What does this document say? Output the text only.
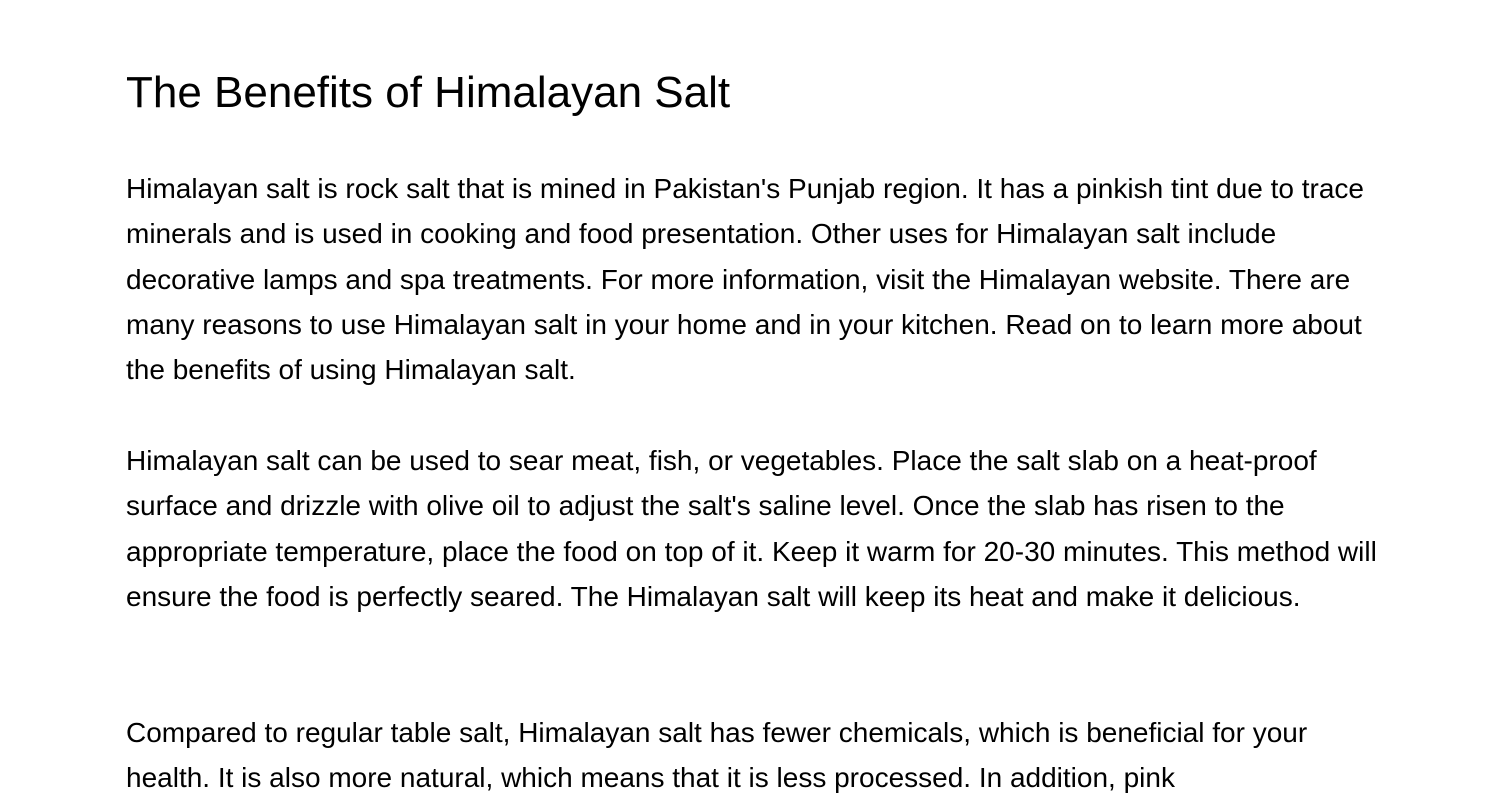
The Benefits of Himalayan Salt

Himalayan salt is rock salt that is mined in Pakistan's Punjab region. It has a pinkish tint due to trace minerals and is used in cooking and food presentation. Other uses for Himalayan salt include decorative lamps and spa treatments. For more information, visit the Himalayan website. There are many reasons to use Himalayan salt in your home and in your kitchen. Read on to learn more about the benefits of using Himalayan salt.

Himalayan salt can be used to sear meat, fish, or vegetables. Place the salt slab on a heat-proof surface and drizzle with olive oil to adjust the salt's saline level. Once the slab has risen to the appropriate temperature, place the food on top of it. Keep it warm for 20-30 minutes. This method will ensure the food is perfectly seared. The Himalayan salt will keep its heat and make it delicious.

Compared to regular table salt, Himalayan salt has fewer chemicals, which is beneficial for your health. It is also more natural, which means that it is less processed. In addition, pink
